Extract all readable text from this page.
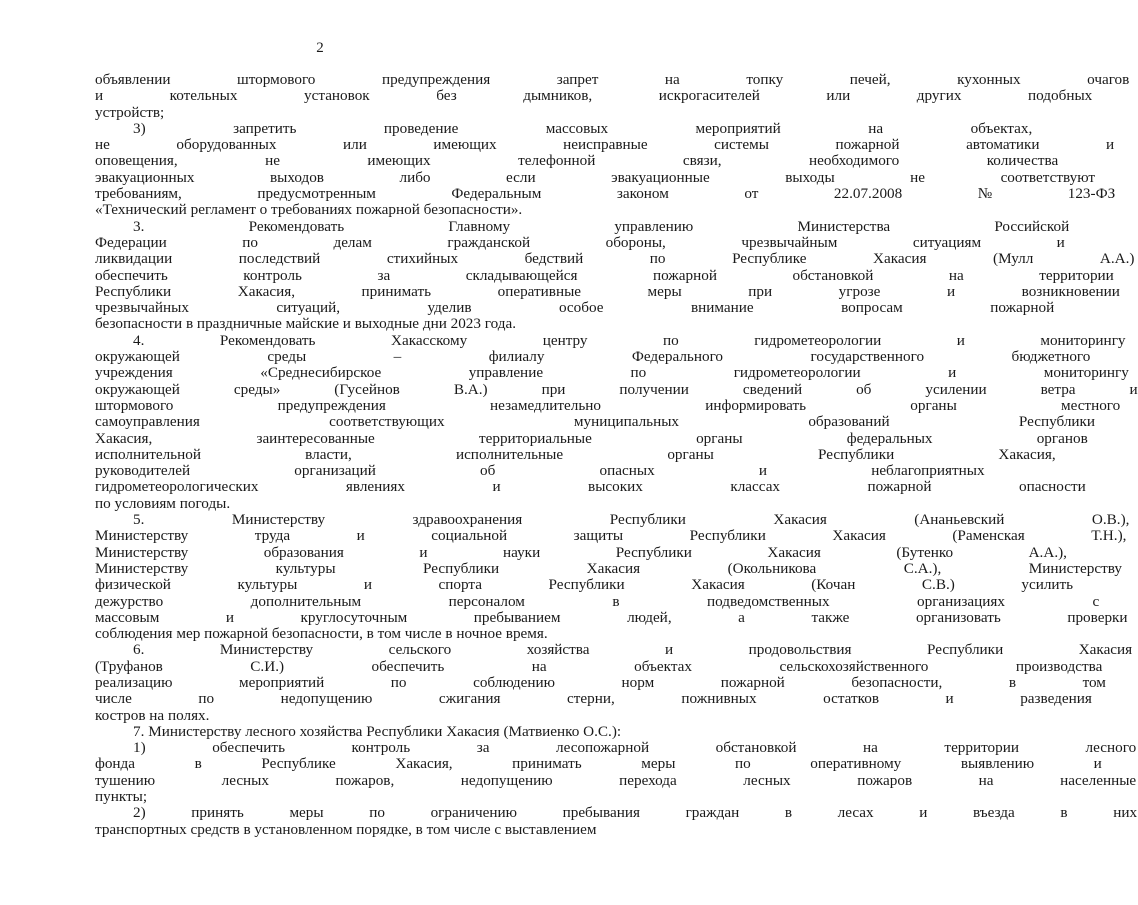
2
объявлении штормового предупреждения запрет на топку печей, кухонных очагов
и котельных установок без дымников, искрогасителей или других подобных
устройств;
3) запретить проведение массовых мероприятий на объектах,
не оборудованных или имеющих неисправные системы пожарной автоматики и
оповещения, не имеющих телефонной связи, необходимого количества
эвакуационных выходов либо если эвакуационные выходы не соответствуют
требованиям, предусмотренным Федеральным законом от 22.07.2008 № 123-ФЗ
«Технический регламент о требованиях пожарной безопасности».
3. Рекомендовать Главному управлению Министерства Российской
Федерации по делам гражданской обороны, чрезвычайным ситуациям и
ликвидации последствий стихийных бедствий по Республике Хакасия (Мулл А.А.)
обеспечить контроль за складывающейся пожарной обстановкой на территории
Республики Хакасия, принимать оперативные меры при угрозе и возникновении
чрезвычайных ситуаций, уделив особое внимание вопросам пожарной
безопасности в праздничные майские и выходные дни 2023 года.
4. Рекомендовать Хакасскому центру по гидрометеорологии и мониторингу
окружающей среды – филиалу Федерального государственного бюджетного
учреждения «Среднесибирское управление по гидрометеорологии и мониторингу
окружающей среды» (Гусейнов В.А.) при получении сведений об усилении ветра и
штормового предупреждения незамедлительно информировать органы местного
самоуправления соответствующих муниципальных образований Республики
Хакасия, заинтересованные территориальные органы федеральных органов
исполнительной власти, исполнительные органы Республики Хакасия,
руководителей организаций об опасных и неблагоприятных
гидрометеорологических явлениях и высоких классах пожарной опасности
по условиям погоды.
5. Министерству здравоохранения Республики Хакасия (Ананьевский О.В.),
Министерству труда и социальной защиты Республики Хакасия (Раменская Т.Н.),
Министерству образования и науки Республики Хакасия (Бутенко А.А.),
Министерству культуры Республики Хакасия (Окольникова С.А.), Министерству
физической культуры и спорта Республики Хакасия (Кочан С.В.) усилить
дежурство дополнительным персоналом в подведомственных организациях с
массовым и круглосуточным пребыванием людей, а также организовать проверки
соблюдения мер пожарной безопасности, в том числе в ночное время.
6. Министерству сельского хозяйства и продовольствия Республики Хакасия
(Труфанов С.И.) обеспечить на объектах сельскохозяйственного производства
реализацию мероприятий по соблюдению норм пожарной безопасности, в том
числе по недопущению сжигания стерни, пожнивных остатков и разведения
костров на полях.
7. Министерству лесного хозяйства Республики Хакасия (Матвиенко О.С.):
1) обеспечить контроль за лесопожарной обстановкой на территории лесного
фонда в Республике Хакасия, принимать меры по оперативному выявлению и
тушению лесных пожаров, недопущению перехода лесных пожаров на населенные
пункты;
2) принять меры по ограничению пребывания граждан в лесах и въезда в них
транспортных средств в установленном порядке, в том числе с выставлением
